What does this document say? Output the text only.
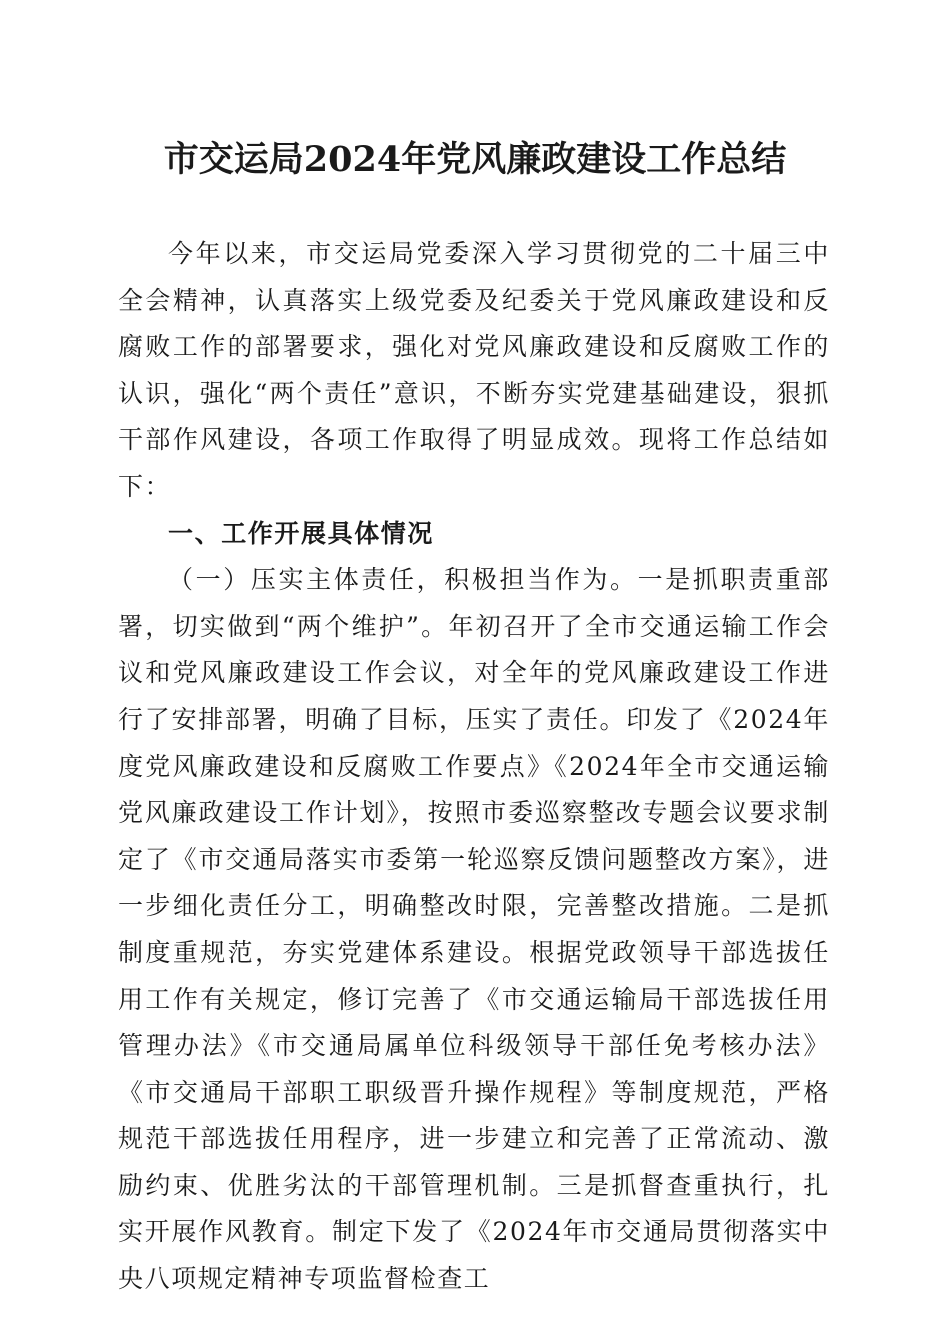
市交运局2024年党风廉政建设工作总结

今年以来，市交运局党委深入学习贯彻党的二十届三中全会精神，认真落实上级党委及纪委关于党风廉政建设和反腐败工作的部署要求，强化对党风廉政建设和反腐败工作的认识，强化“两个责任”意识，不断夯实党建基础建设，狠抓干部作风建设，各项工作取得了明显成效。现将工作总结如下：

一、工作开展具体情况

（一）压实主体责任，积极担当作为。一是抓职责重部署，切实做到“两个维护”。年初召开了全市交通运输工作会议和党风廉政建设工作会议，对全年的党风廉政建设工作进行了安排部署，明确了目标，压实了责任。印发了《2024年度党风廉政建设和反腐败工作要点》《2024年全市交通运输党风廉政建设工作计划》，按照市委巡察整改专题会议要求制定了《市交通局落实市委第一轮巡察反馈问题整改方案》，进一步细化责任分工，明确整改时限，完善整改措施。二是抓制度重规范，夯实党建体系建设。根据党政领导干部选拔任用工作有关规定，修订完善了《市交通运输局干部选拔任用管理办法》《市交通局属单位科级领导干部任免考核办法》《市交通局干部职工职级晋升操作规程》等制度规范，严格规范干部选拔任用程序，进一步建立和完善了正常流动、激励约束、优胜劣汰的干部管理机制。三是抓督查重执行，扎实开展作风教育。制定下发了《2024年市交通局贯彻落实中央八项规定精神专项监督检查工
